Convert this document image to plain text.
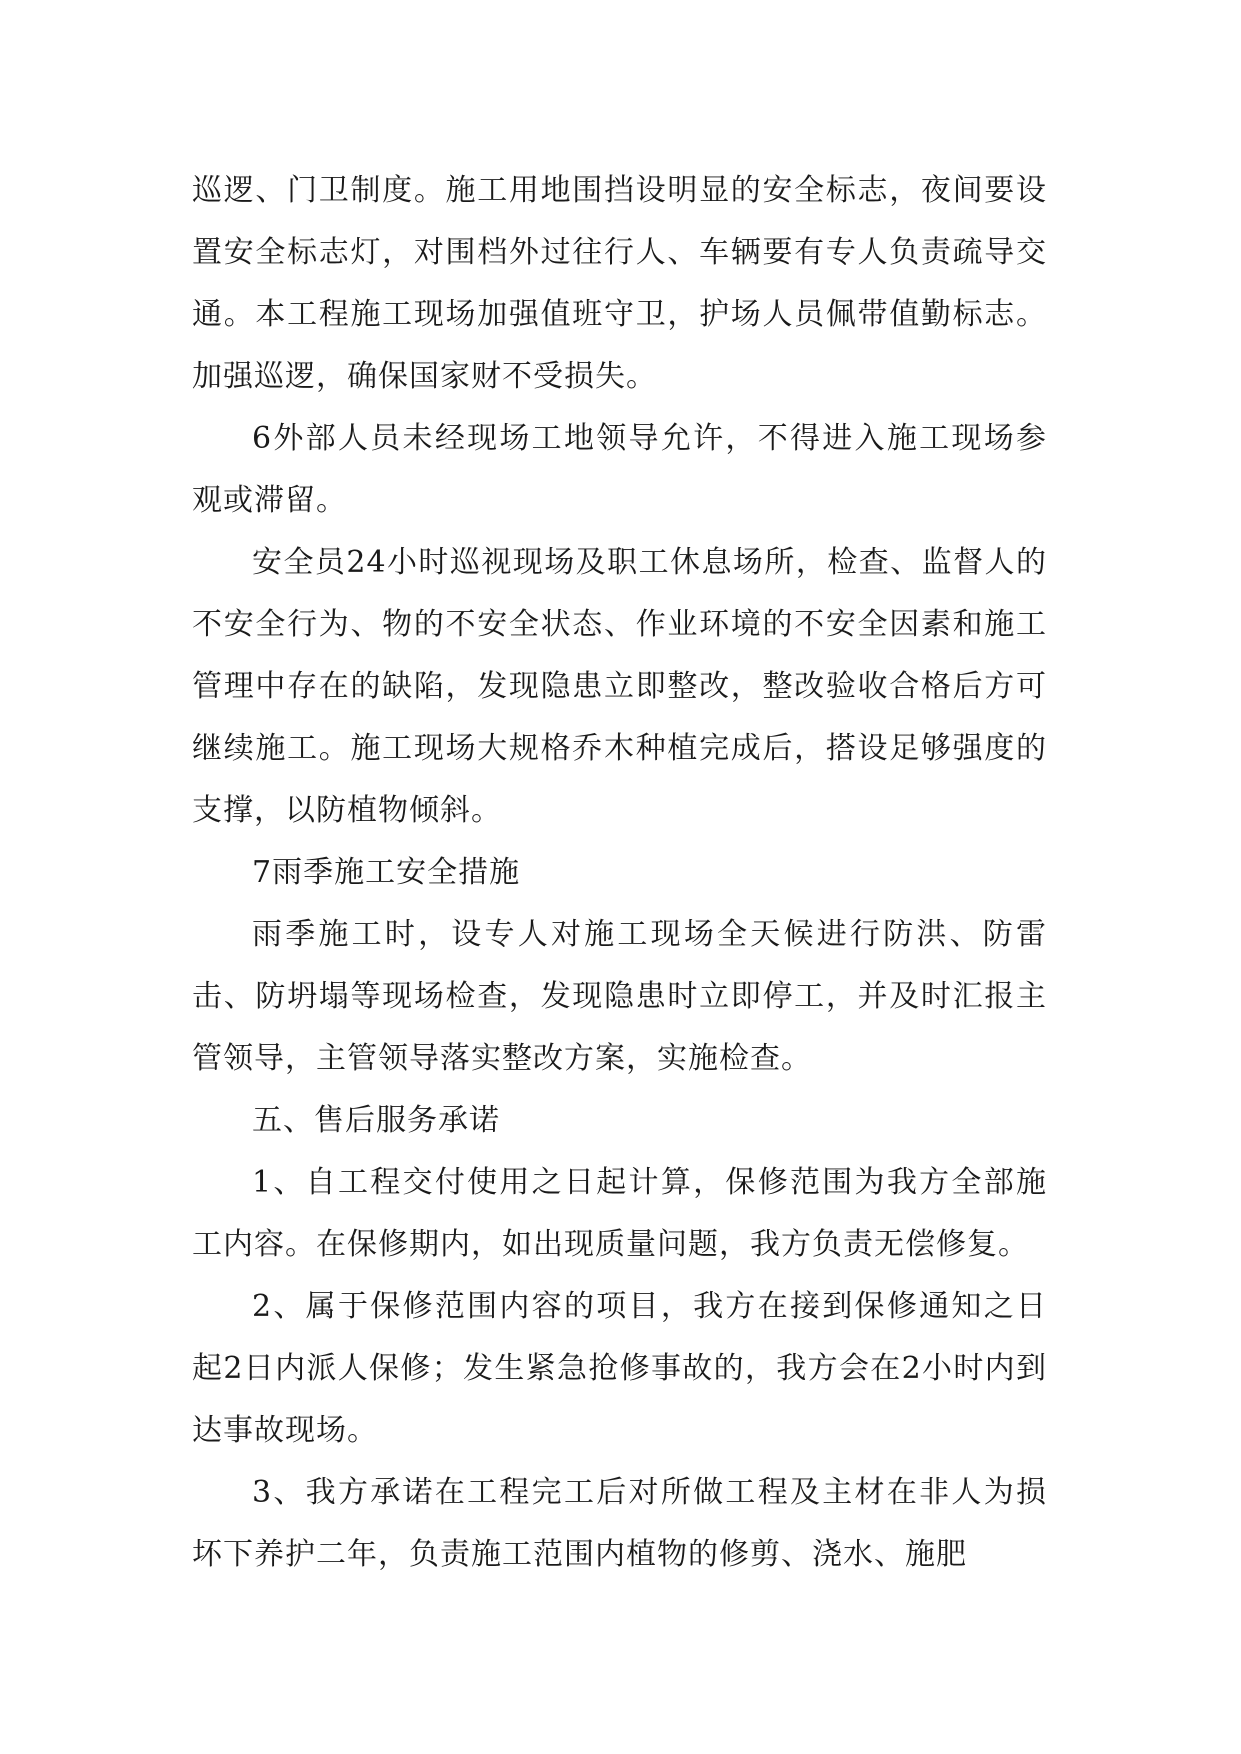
巡逻、门卫制度。施工用地围挡设明显的安全标志，夜间要设置安全标志灯，对围档外过往行人、车辆要有专人负责疏导交通。本工程施工现场加强值班守卫，护场人员佩带值勤标志。加强巡逻，确保国家财不受损失。

6外部人员未经现场工地领导允许，不得进入施工现场参观或滞留。

安全员24小时巡视现场及职工休息场所，检查、监督人的不安全行为、物的不安全状态、作业环境的不安全因素和施工管理中存在的缺陷，发现隐患立即整改，整改验收合格后方可继续施工。施工现场大规格乔木种植完成后，搭设足够强度的支撑，以防植物倾斜。

7雨季施工安全措施

雨季施工时，设专人对施工现场全天候进行防洪、防雷击、防坍塌等现场检查，发现隐患时立即停工，并及时汇报主管领导，主管领导落实整改方案，实施检查。

五、售后服务承诺

1、自工程交付使用之日起计算，保修范围为我方全部施工内容。在保修期内，如出现质量问题，我方负责无偿修复。

2、属于保修范围内容的项目，我方在接到保修通知之日起2日内派人保修；发生紧急抢修事故的，我方会在2小时内到达事故现场。

3、我方承诺在工程完工后对所做工程及主材在非人为损坏下养护二年，负责施工范围内植物的修剪、浇水、施肥
